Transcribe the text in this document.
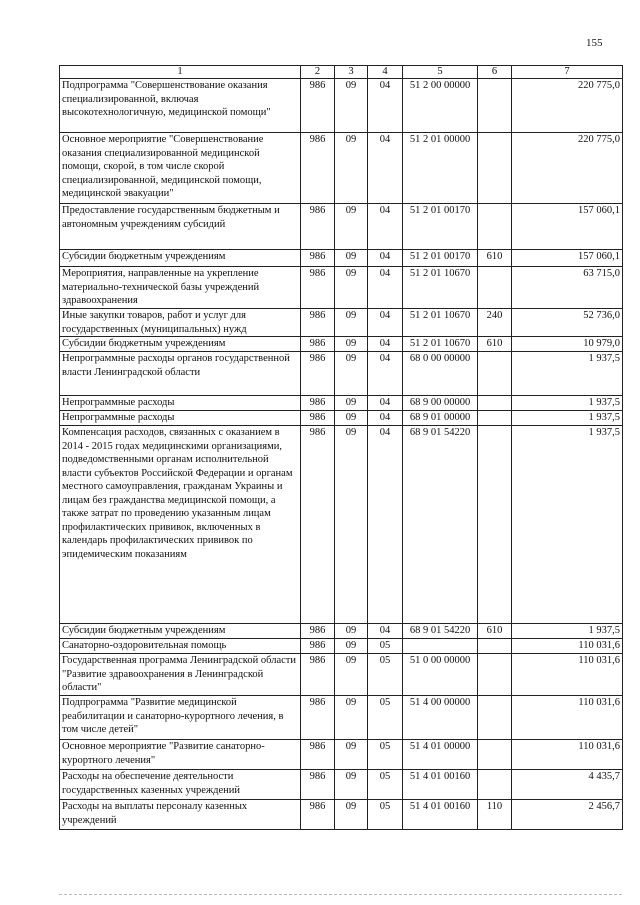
155
1	2	3	4	5	6	7
Подпрограмма "Совершенствование оказания специализированной, включая высокотехнологичную, медицинской помощи"	986	09	04	51 2 00 00000		220 775,0
Основное мероприятие "Совершенствование оказания специализированной медицинской помощи, скорой, в том числе скорой специализированной, медицинской помощи, медицинской эвакуации"	986	09	04	51 2 01 00000		220 775,0
Предоставление государственным бюджетным и автономным учреждениям субсидий	986	09	04	51 2 01 00170		157 060,1
Субсидии бюджетным учреждениям	986	09	04	51 2 01 00170	610	157 060,1
Мероприятия, направленные на укрепление материально-технической базы учреждений здравоохранения	986	09	04	51 2 01 10670		63 715,0
Иные закупки товаров, работ и услуг для государственных (муниципальных) нужд	986	09	04	51 2 01 10670	240	52 736,0
Субсидии бюджетным учреждениям	986	09	04	51 2 01 10670	610	10 979,0
Непрограммные расходы органов государственной власти Ленинградской области	986	09	04	68 0 00 00000		1 937,5
Непрограммные расходы	986	09	04	68 9 00 00000		1 937,5
Непрограммные расходы	986	09	04	68 9 01 00000		1 937,5
Компенсация расходов, связанных с оказанием в 2014 - 2015 годах медицинскими организациями, подведомственными органам исполнительной власти субъектов Российской Федерации и органам местного самоуправления, гражданам Украины и лицам без гражданства медицинской помощи, а также затрат по проведению указанным лицам профилактических прививок, включенных в календарь профилактических прививок по эпидемическим показаниям	986	09	04	68 9 01 54220		1 937,5
Субсидии бюджетным учреждениям	986	09	04	68 9 01 54220	610	1 937,5
Санаторно-оздоровительная помощь	986	09	05			110 031,6
Государственная программа Ленинградской области "Развитие здравоохранения в Ленинградской области"	986	09	05	51 0 00 00000		110 031,6
Подпрограмма "Развитие медицинской реабилитации и санаторно-курортного лечения, в том числе детей"	986	09	05	51 4 00 00000		110 031,6
Основное мероприятие "Развитие санаторно-курортного лечения"	986	09	05	51 4 01 00000		110 031,6
Расходы на обеспечение деятельности государственных казенных учреждений	986	09	05	51 4 01 00160		4 435,7
Расходы на выплаты персоналу казенных учреждений	986	09	05	51 4 01 00160	110	2 456,7
